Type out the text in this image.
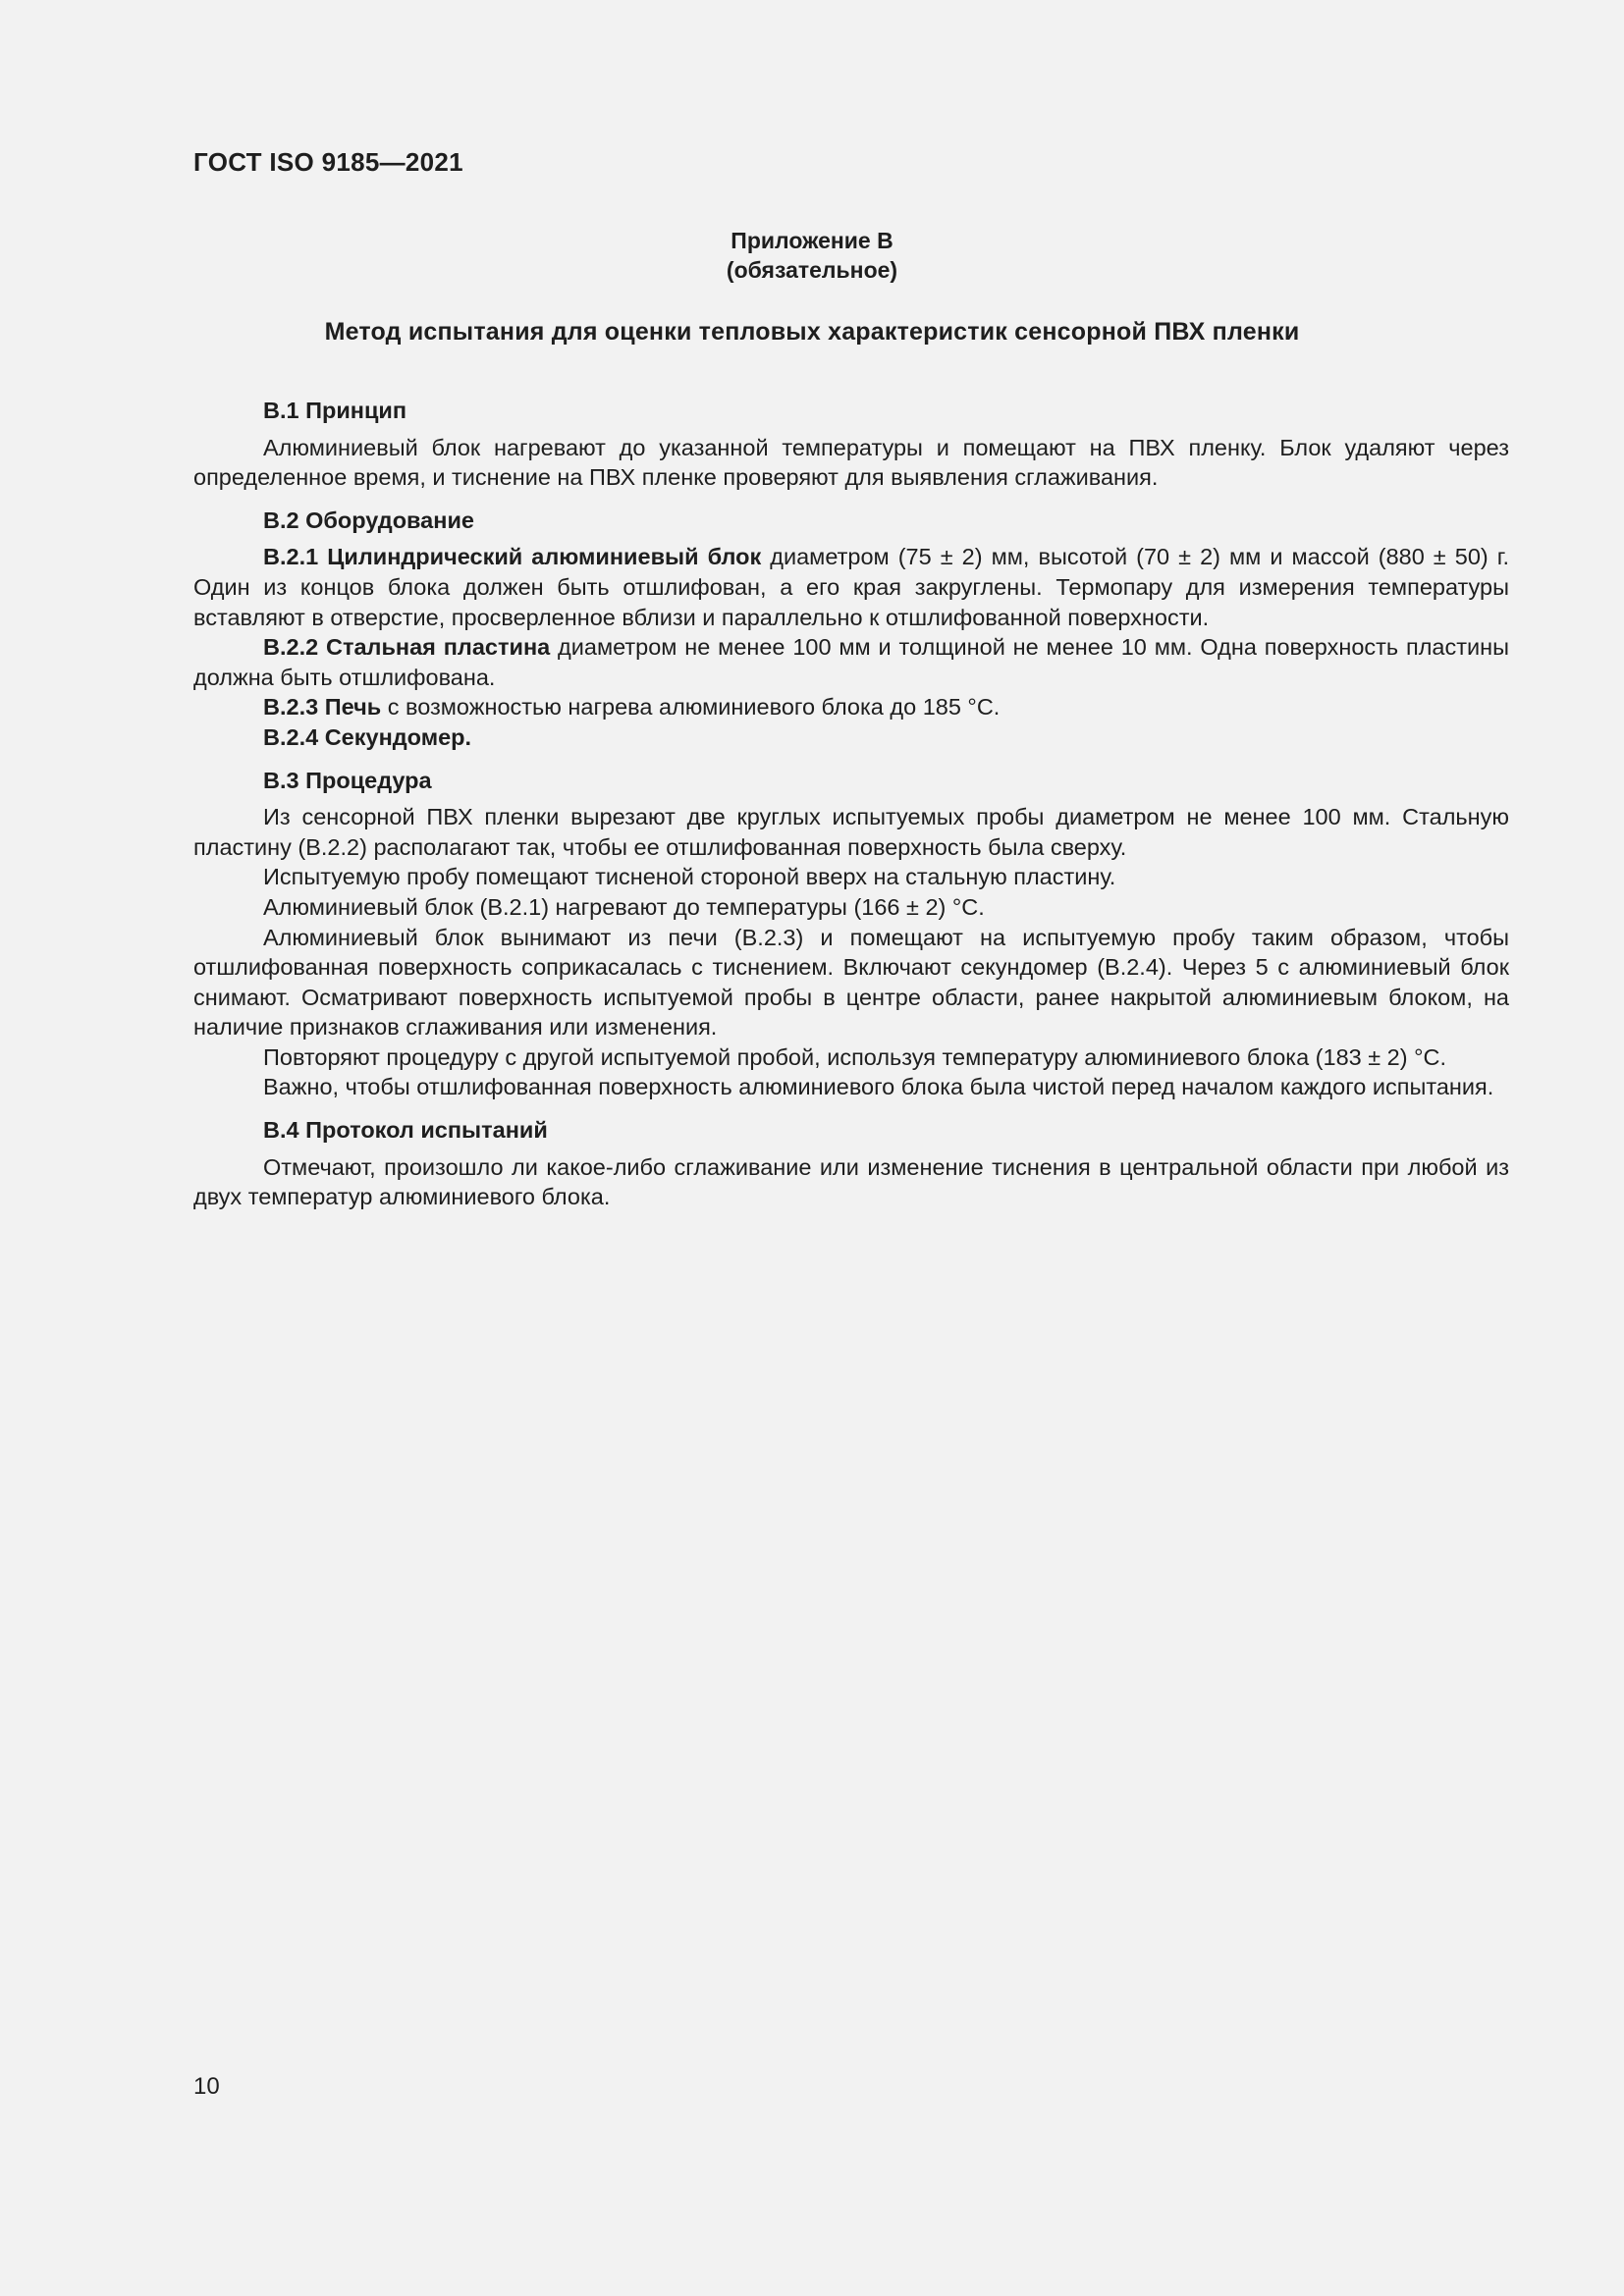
ГОСТ ISO 9185—2021
Приложение В
(обязательное)
Метод испытания для оценки тепловых характеристик сенсорной ПВХ пленки
В.1 Принцип

Алюминиевый блок нагревают до указанной температуры и помещают на ПВХ пленку. Блок удаляют через определенное время, и тиснение на ПВХ пленке проверяют для выявления сглаживания.

В.2 Оборудование

В.2.1 Цилиндрический алюминиевый блок диаметром (75 ± 2) мм, высотой (70 ± 2) мм и массой (880 ± 50) г. Один из концов блока должен быть отшлифован, а его края закруглены. Термопару для измерения температуры вставляют в отверстие, просверленное вблизи и параллельно к отшлифованной поверхности.

В.2.2 Стальная пластина диаметром не менее 100 мм и толщиной не менее 10 мм. Одна поверхность пластины должна быть отшлифована.

В.2.3 Печь с возможностью нагрева алюминиевого блока до 185 °С.

В.2.4 Секундомер.

В.3 Процедура

Из сенсорной ПВХ пленки вырезают две круглых испытуемых пробы диаметром не менее 100 мм. Стальную пластину (В.2.2) располагают так, чтобы ее отшлифованная поверхность была сверху.

Испытуемую пробу помещают тисненой стороной вверх на стальную пластину.

Алюминиевый блок (В.2.1) нагревают до температуры (166 ± 2) °С.

Алюминиевый блок вынимают из печи (В.2.3) и помещают на испытуемую пробу таким образом, чтобы отшлифованная поверхность соприкасалась с тиснением. Включают секундомер (В.2.4). Через 5 с алюминиевый блок снимают. Осматривают поверхность испытуемой пробы в центре области, ранее накрытой алюминиевым блоком, на наличие признаков сглаживания или изменения.

Повторяют процедуру с другой испытуемой пробой, используя температуру алюминиевого блока (183 ± 2) °С.

Важно, чтобы отшлифованная поверхность алюминиевого блока была чистой перед началом каждого испытания.

В.4 Протокол испытаний

Отмечают, произошло ли какое-либо сглаживание или изменение тиснения в центральной области при любой из двух температур алюминиевого блока.

10
